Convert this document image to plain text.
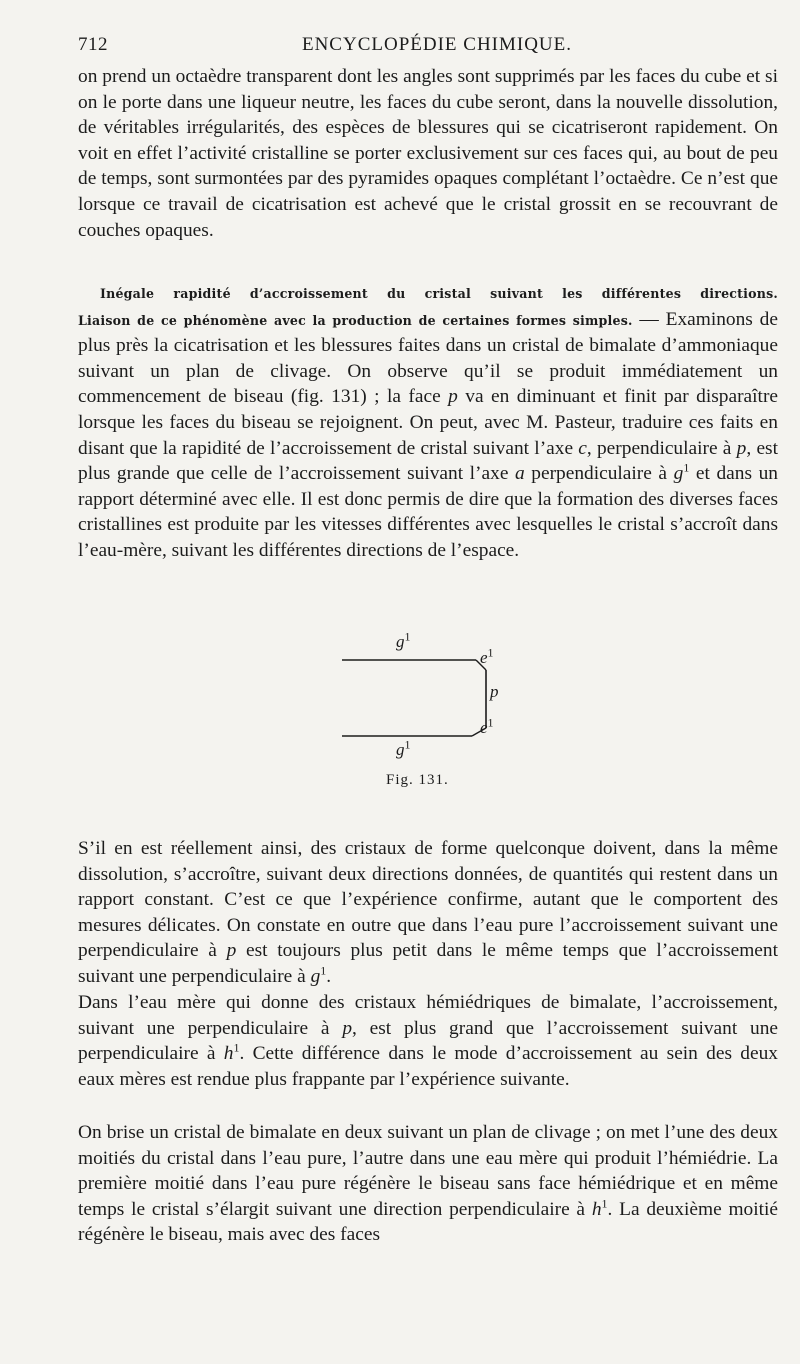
712	ENCYCLOPÉDIE CHIMIQUE.

on prend un octaèdre transparent dont les angles sont supprimés par les faces du cube et si on le porte dans une liqueur neutre, les faces du cube seront, dans la nouvelle dissolution, de véritables irrégularités, des espèces de blessures qui se cicatriseront rapidement. On voit en effet l’activité cristalline se porter exclusivement sur ces faces qui, au bout de peu de temps, sont surmontées par des pyramides opaques complétant l’octaèdre. Ce n’est que lorsque ce travail de cicatrisation est achevé que le cristal grossit en se recouvrant de couches opaques.

Inégale rapidité d’accroissement du cristal suivant les différentes directions.
Liaison de ce phénomène avec la production de certaines formes simples. — Examinons de plus près la cicatrisation et les blessures faites dans un cristal de bimalate d’ammoniaque suivant un plan de clivage. On observe qu’il se produit immédiatement un commencement de biseau (fig. 131) ; la face p va en diminuant et finit par disparaître lorsque les faces du biseau se rejoignent. On peut, avec M. Pasteur, traduire ces faits en disant que la rapidité de l’accroissement de cristal suivant l’axe c, perpendiculaire à p, est plus grande que celle de l’accroissement suivant l’axe a perpendiculaire à $g^1$ et dans un rapport déterminé avec elle. Il est donc permis de dire que la formation des diverses faces cristallines est produite par les vitesses différentes avec lesquelles le cristal s’accroît dans l’eau-mère, suivant les différentes directions de l’espace.

$g^1$
$e^1$
p
$e^1$
$g^1$
Fig. 131.

S’il en est réellement ainsi, des cristaux de forme quelconque doivent, dans la même dissolution, s’accroître, suivant deux directions données, de quantités qui restent dans un rapport constant. C’est ce que l’expérience confirme, autant que le comportent des mesures délicates. On constate en outre que dans l’eau pure l’accroissement suivant une perpendiculaire à p est toujours plus petit dans le même temps que l’accroissement suivant une perpendiculaire à $g^1$.

Dans l’eau mère qui donne des cristaux hémiédriques de bimalate, l’accroissement, suivant une perpendiculaire à p, est plus grand que l’accroissement suivant une perpendiculaire à $h^1$. Cette différence dans le mode d’accroissement au sein des deux eaux mères est rendue plus frappante par l’expérience suivante.

On brise un cristal de bimalate en deux suivant un plan de clivage ; on met l’une des deux moitiés du cristal dans l’eau pure, l’autre dans une eau mère qui produit l’hémiédrie. La première moitié dans l’eau pure régénère le biseau sans face hémiédrique et en même temps le cristal s’élargit suivant une direction perpendiculaire à $h^1$. La deuxième moitié régénère le biseau, mais avec des faces
